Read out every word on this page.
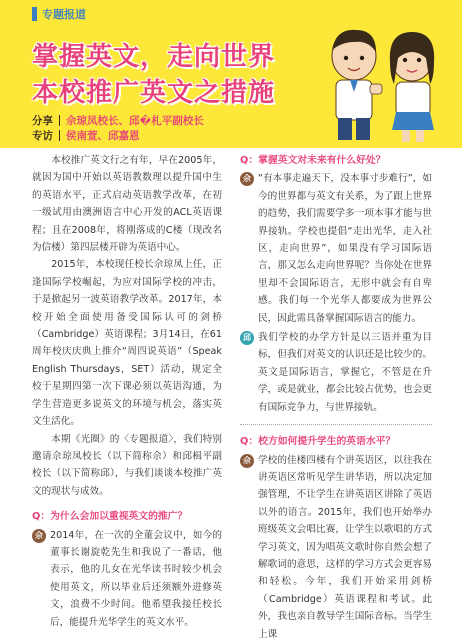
专题报道
掌握英文，走向世界
本校推广英文之措施
分享 佘琼凤校长、邱�札平副校长
专访 侯南萱、邱嘉恩

本校推广英文行之有年，早在2005年，就因为国中开始以英语教数理以提升国中生的英语水平，正式启动英语教学改革，在初一级试用由澳洲语言中心开发的ACL英语课程；且在2008年，将刚落成的C楼（现改名为信楼）第四层楼开辟为英语中心。

2015年，本校现任校长佘琼凤上任，正逢国际学校崛起，为应对国际学校的冲击，于是掀起另一波英语教学改革。2017年，本校开始全面使用备受国际认可的剑桥（Cambridge）英语课程；3月14日，在61周年校庆庆典上推介“周四说英语”（Speak English Thursdays，SET）活动，规定全校于星期四第一次下课必须以英语沟通，为学生营造更多说英文的环境与机会，落实英文生活化。

本期《光圈》的〈专题报道〉，我们特别邀请佘琼凤校长（以下简称佘）和邱楫平副校长（以下简称邱），与我们谈谈本校推广英文的现状与成效。

Q：为什么会加以重视英文的推广？

佘 2014年，在一次的全董会议中，如今的董事长谢旋乾先生和我说了一番话，他表示，他的儿女在光华读书时较少机会使用英文，所以毕业后还须额外进修英文，浪费不少时间。他希望我接任校长后，能提升光华学生的英文水平。

Q：掌握英文对未来有什么好处？

佘 “有本事走遍天下，没本事寸步难行”，如今的世界都与英文有关系，为了跟上世界的趋势，我们需要学多一项本事才能与世界接轨。学校也提倡“走出光华，走入社区，走向世界”，如果没有学习国际语言，那又怎么走向世界呢？当你处在世界里却不会国际语言，无形中就会有自卑感。我们每一个光华人都要成为世界公民，因此需具备掌握国际语言的能力。

邱 我们学校的办学方针是以三语并重为目标，但我们对英文的认识还是比较少的。英文是国际语言，掌握它，不管是在升学，或是就业，都会比较占优势，也会更有国际竞争力，与世界接轨。

Q：校方如何提升学生的英语水平？

佘 学校的佳楼四楼有个讲英语区，以往我在讲英语区常听见学生讲华语，所以决定加强管理，不让学生在讲英语区讲除了英语以外的语言。2015年，我们也开始举办班级英文会唱比赛，让学生以歌唱的方式学习英文，因为唱英文歌时你自然会想了解歌词的意思，这样的学习方式会更容易和轻松。今年，我们开始采用剑桥（Cambridge）英语课程和考试。此外，我也亲自教导学生国际音标。当学生上课
